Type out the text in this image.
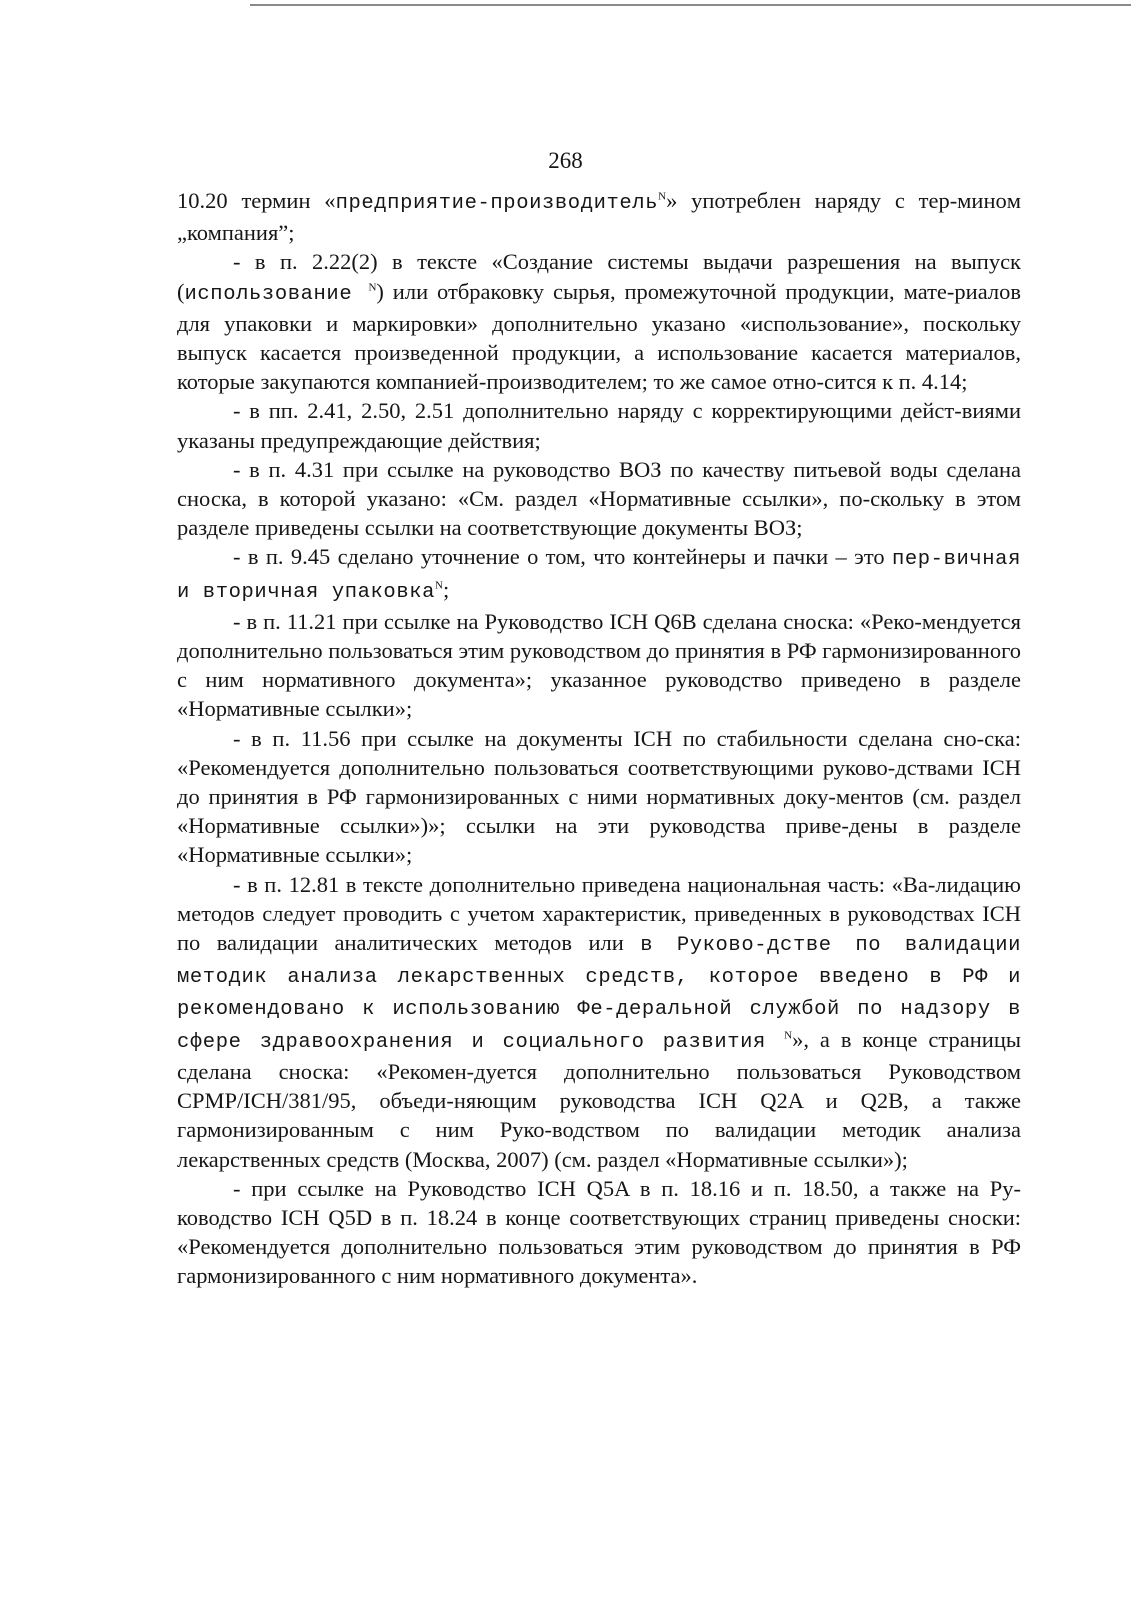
268

10.20 термин «предприятие-производитель$^N$» употреблен наряду с тер-минoм „компания”;

- в п. 2.22(2) в тексте «Создание системы выдачи разрешения на выпуск (использование $^N$) или отбраковку сырья, промежуточной продукции, мате-риалов для упаковки и маркировки» дополнительно указано «использование», поскольку выпуск касается произведенной продукции, а использование касается материалов, которые закупаются компанией-производителем; то же самое отно-сится к п. 4.14;

- в пп. 2.41, 2.50, 2.51 дополнительно наряду с корректирующими дейст-виями указаны предупреждающие действия;

- в п. 4.31 при ссылке на руководство ВОЗ по качеству питьевой воды сделана сноска, в которой указано: «См. раздел «Нормативные ссылки», по-скольку в этом разделе приведены ссылки на соответствующие документы ВОЗ;

- в п. 9.45 сделано уточнение о том, что контейнеры и пачки – это пер-вичная и вторичная упаковка$^N$;

- в п. 11.21 при ссылке на Руководство ICH Q6B сделана сноска: «Реко-мендуется дополнительно пользоваться этим руководством до принятия в РФ гармонизированного с ним нормативного документа»; указанное руководство приведено в разделе «Нормативные ссылки»;

- в п. 11.56 при ссылке на документы ICH по стабильности сделана сно-ска: «Рекомендуется дополнительно пользоваться соответствующими руково-дствами ICH до принятия в РФ гармонизированных с ними нормативных доку-ментов (см. раздел «Нормативные ссылки»)»; ссылки на эти руководства приве-дены в разделе «Нормативные ссылки»;

- в п. 12.81 в тексте дополнительно приведена национальная часть: «Ва-лидацию методов следует проводить с учетом характеристик, приведенных в руководствах ICH по валидации аналитических методов или в Руково-дстве по валидации методик анализа лекарственных средств, которое введено в РФ и рекомендовано к использованию Фе-деральной службой по надзору в сфере здравоохранения и социального развития $^N$», а в конце страницы сделана сноска: «Рекомен-дуется дополнительно пользоваться Руководством CPMP/ICH/381/95, объеди-няющим руководства ICH Q2A и Q2B, а также гармонизированным с ним Руко-водством по валидации методик анализа лекарственных средств (Москва, 2007) (см. раздел «Нормативные ссылки»);

- при ссылке на Руководство ICH Q5A в п. 18.16 и п. 18.50, а также на Ру-ководство ICH Q5D в п. 18.24 в конце соответствующих страниц приведены сноски: «Рекомендуется дополнительно пользоваться этим руководством до принятия в РФ гармонизированного с ним нормативного документа».
